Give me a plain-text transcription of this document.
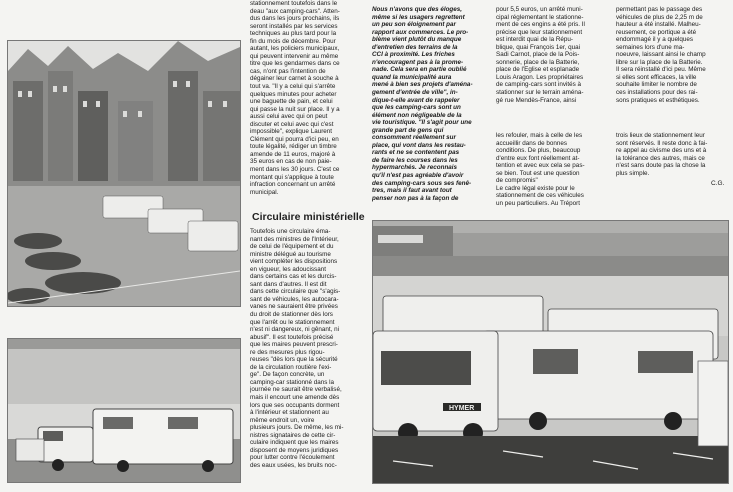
stationnement toutefois dans le
deau "aux camping-cars". Atten-
dus dans les jours prochains, ils
seront installés par les services
techniques au plus tard pour la
fin du mois de décembre. Pour
autant, les policiers municipaux,
qui peuvent intervenir au même
titre que les gendarmes dans ce
cas, n'ont pas l'intention de
dégainer leur carnet à souche à
tout va. "Il y a celui qui s'arrête
quelques minutes pour acheter
une baguette de pain, et celui
qui passe la nuit sur place. Il y a
aussi celui avec qui on peut
discuter et celui avec qui c'est
impossible", explique Laurent
Clément qui pourra d'ici peu, en
toute légalité, rédiger un timbre
amende de 11 euros, majoré à
35 euros en cas de non paie-
ment dans les 30 jours. C'est ce
montant qui s'applique à toute
infraction concernant un arrêté
municipal.

Circulaire ministérielle

Toutefois une circulaire éma-
nant des ministres de l'Intérieur,
de celui de l'équipement et du
ministre délégué au tourisme
vient compléter les dispositions
en vigueur, les adoucissant
dans certains cas et les durcis-
sant dans d'autres. Il est dit
dans cette circulaire que "s'agis-
sant de véhicules, les autocara-
vanes ne sauraient être privées
du droit de stationner dès lors
que l'arrêt ou le stationnement
n'est ni dangereux, ni gênant, ni
abusif". Il est toutefois précisé
que les maires peuvent prescri-
re des mesures plus rigou-
reuses "dès lors que la sécurité
de la circulation routière l'exi-
ge". De façon concrète, un
camping-car stationné dans la
journée ne saurait être verbalisé,
mais il encourt une amende dès
lors que ses occupants dorment
à l'intérieur et stationnent au
même endroit un, voire
plusieurs jours. De même, les mi-
nistres signataires de cette cir-
culaire indiquent que les maires
disposent de moyens juridiques
pour lutter contre l'écoulement
des eaux usées, les bruits noc-

Nous n'avons que des éloges,
même si les usagers regrettent
un peu son éloignement par
rapport aux commerces. Le pro-
blème vient plutôt du manque
d'entretien des terrains de la
CCI à proximité. Les friches
n'encouragent pas à la prome-
nade. Cela sera en partie oublié
quand la municipalité aura
mené à bien ses projets d'aména-
gement d'entrée de ville", in-
dique-t-elle avant de rappeler
que les camping-cars sont un
élément non négligeable de la
vie touristique. "Il s'agit pour une
grande part de gens qui
consomment réellement sur
place, qui vont dans les restau-
rants et ne se contentent pas
de faire les courses dans les
hypermarchés. Je reconnais
qu'il n'est pas agréable d'avoir
des camping-cars sous ses fenê-
tres, mais il faut avant tout
penser non pas à la façon de

pour 5,5 euros, un arrêté muni-
cipal réglementant le stationne-
ment de ces engins a été pris. Il
précise que leur stationnement
est interdit quai de la Répu-
blique, quai François 1er, quai
Sadi Carnot, place de la Pois-
sonnerie, place de la Batterie,
place de l'Eglise et esplanade
Louis Aragon. Les propriétaires
de camping-cars sont invités à
stationner sur le terrain aména-
gé rue Mendès-France, ainsi

permettant pas le passage des
véhicules de plus de 2,25 m de
hauteur a été installé. Malheu-
reusement, ce portique a été
endommagé il y a quelques
semaines lors d'une ma-
noeuvre, laissant ainsi le champ
libre sur la place de la Batterie.
Il sera réinstallé d'ici peu. Même
si elles sont efficaces, la ville
souhaite limiter le nombre de
ces installations pour des rai-
sons pratiques et esthétiques.

les refouler, mais à celle de les
accueillir dans de bonnes
conditions. De plus, beaucoup
d'entre eux font réellement at-
tention et avec eux cela se pas-
se bien. Tout est une question
de compromis"
Le cadre légal existe pour le
stationnement de ces véhicules
un peu particuliers. Au Tréport

trois lieux de stationnement leur
sont réservés. Il reste donc à fai-
re appel au civisme des uns et à
la tolérance des autres, mais ce
n'est sans doute pas la chose la
plus simple.

C.G.
HYMER
